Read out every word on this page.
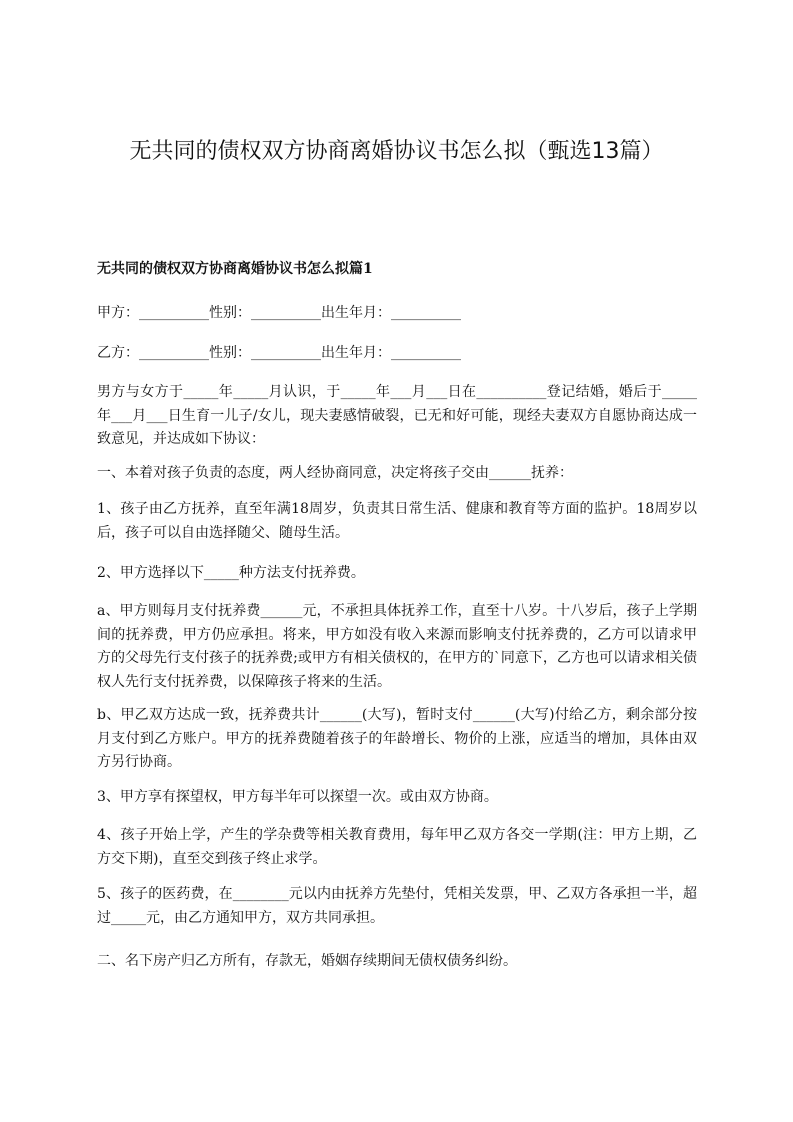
无共同的债权双方协商离婚协议书怎么拟（甄选13篇）
无共同的债权双方协商离婚协议书怎么拟篇1

甲方：__________性别：__________出生年月：__________

乙方：__________性别：__________出生年月：__________

男方与女方于_____年_____月认识，于_____年___月___日在__________登记结婚，婚后于_____年___月___日生育一儿子/女儿，现夫妻感情破裂，已无和好可能，现经夫妻双方自愿协商达成一致意见，并达成如下协议：

一、本着对孩子负责的态度，两人经协商同意，决定将孩子交由______抚养：

1、孩子由乙方抚养，直至年满18周岁，负责其日常生活、健康和教育等方面的监护。18周岁以后，孩子可以自由选择随父、随母生活。

2、甲方选择以下_____种方法支付抚养费。

a、甲方则每月支付抚养费______元，不承担具体抚养工作，直至十八岁。十八岁后，孩子上学期间的抚养费，甲方仍应承担。将来，甲方如没有收入来源而影响支付抚养费的，乙方可以请求甲方的父母先行支付孩子的抚养费;或甲方有相关债权的，在甲方的`同意下，乙方也可以请求相关债权人先行支付抚养费，以保障孩子将来的生活。

b、甲乙双方达成一致，抚养费共计______(大写)，暂时支付______(大写)付给乙方，剩余部分按月支付到乙方账户。甲方的抚养费随着孩子的年龄增长、物价的上涨，应适当的增加，具体由双方另行协商。

3、甲方享有探望权，甲方每半年可以探望一次。或由双方协商。

4、孩子开始上学，产生的学杂费等相关教育费用，每年甲乙双方各交一学期(注：甲方上期，乙方交下期)，直至交到孩子终止求学。

5、孩子的医药费，在________元以内由抚养方先垫付，凭相关发票，甲、乙双方各承担一半，超过_____元，由乙方通知甲方，双方共同承担。

二、名下房产归乙方所有，存款无，婚姻存续期间无债权债务纠纷。
